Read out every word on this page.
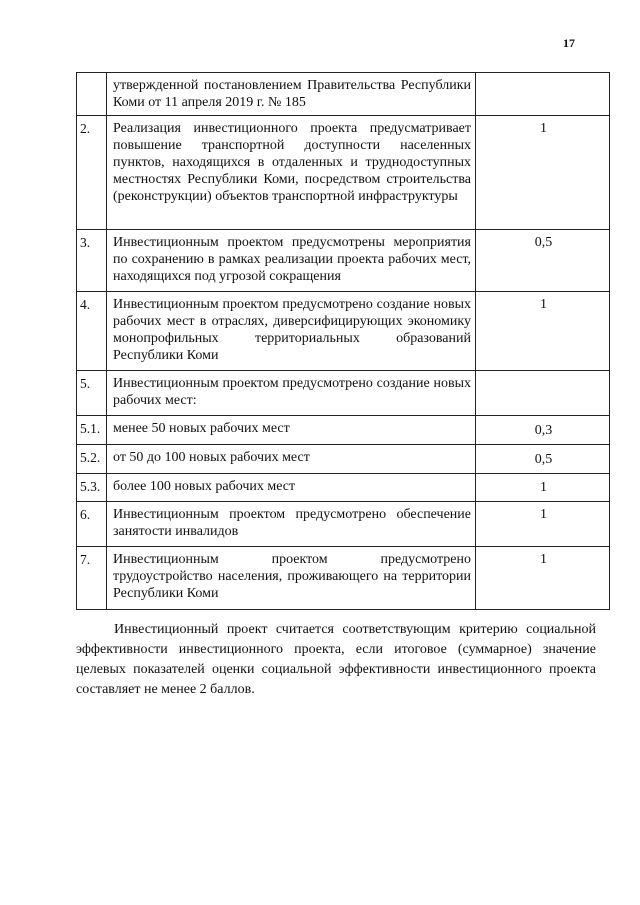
17
	утвержденной постановлением Правительства Республики Коми от 11 апреля 2019 г. № 185	
2.	Реализация инвестиционного проекта предусматривает повышение транспортной доступности населенных пунктов, находящихся в отдаленных и труднодоступных местностях Республики Коми, посредством строительства (реконструкции) объектов транспортной инфраструктуры	1
3.	Инвестиционным проектом предусмотрены мероприятия по сохранению в рамках реализации проекта рабочих мест, находящихся под угрозой сокращения	0,5
4.	Инвестиционным проектом предусмотрено создание новых рабочих мест в отраслях, диверсифицирующих экономику монопрофильных территориальных образований Республики Коми	1
5.	Инвестиционным проектом предусмотрено создание новых рабочих мест:	
5.1.	менее 50 новых рабочих мест	0,3
5.2.	от 50 до 100 новых рабочих мест	0,5
5.3.	более 100 новых рабочих мест	1
6.	Инвестиционным проектом предусмотрено обеспечение занятости инвалидов	1
7.	Инвестиционным проектом предусмотрено трудоустройство населения, проживающего на территории Республики Коми	1

Инвестиционный проект считается соответствующим критерию социальной эффективности инвестиционного проекта, если итоговое (суммарное) значение целевых показателей оценки социальной эффективности инвестиционного проекта составляет не менее 2 баллов.
